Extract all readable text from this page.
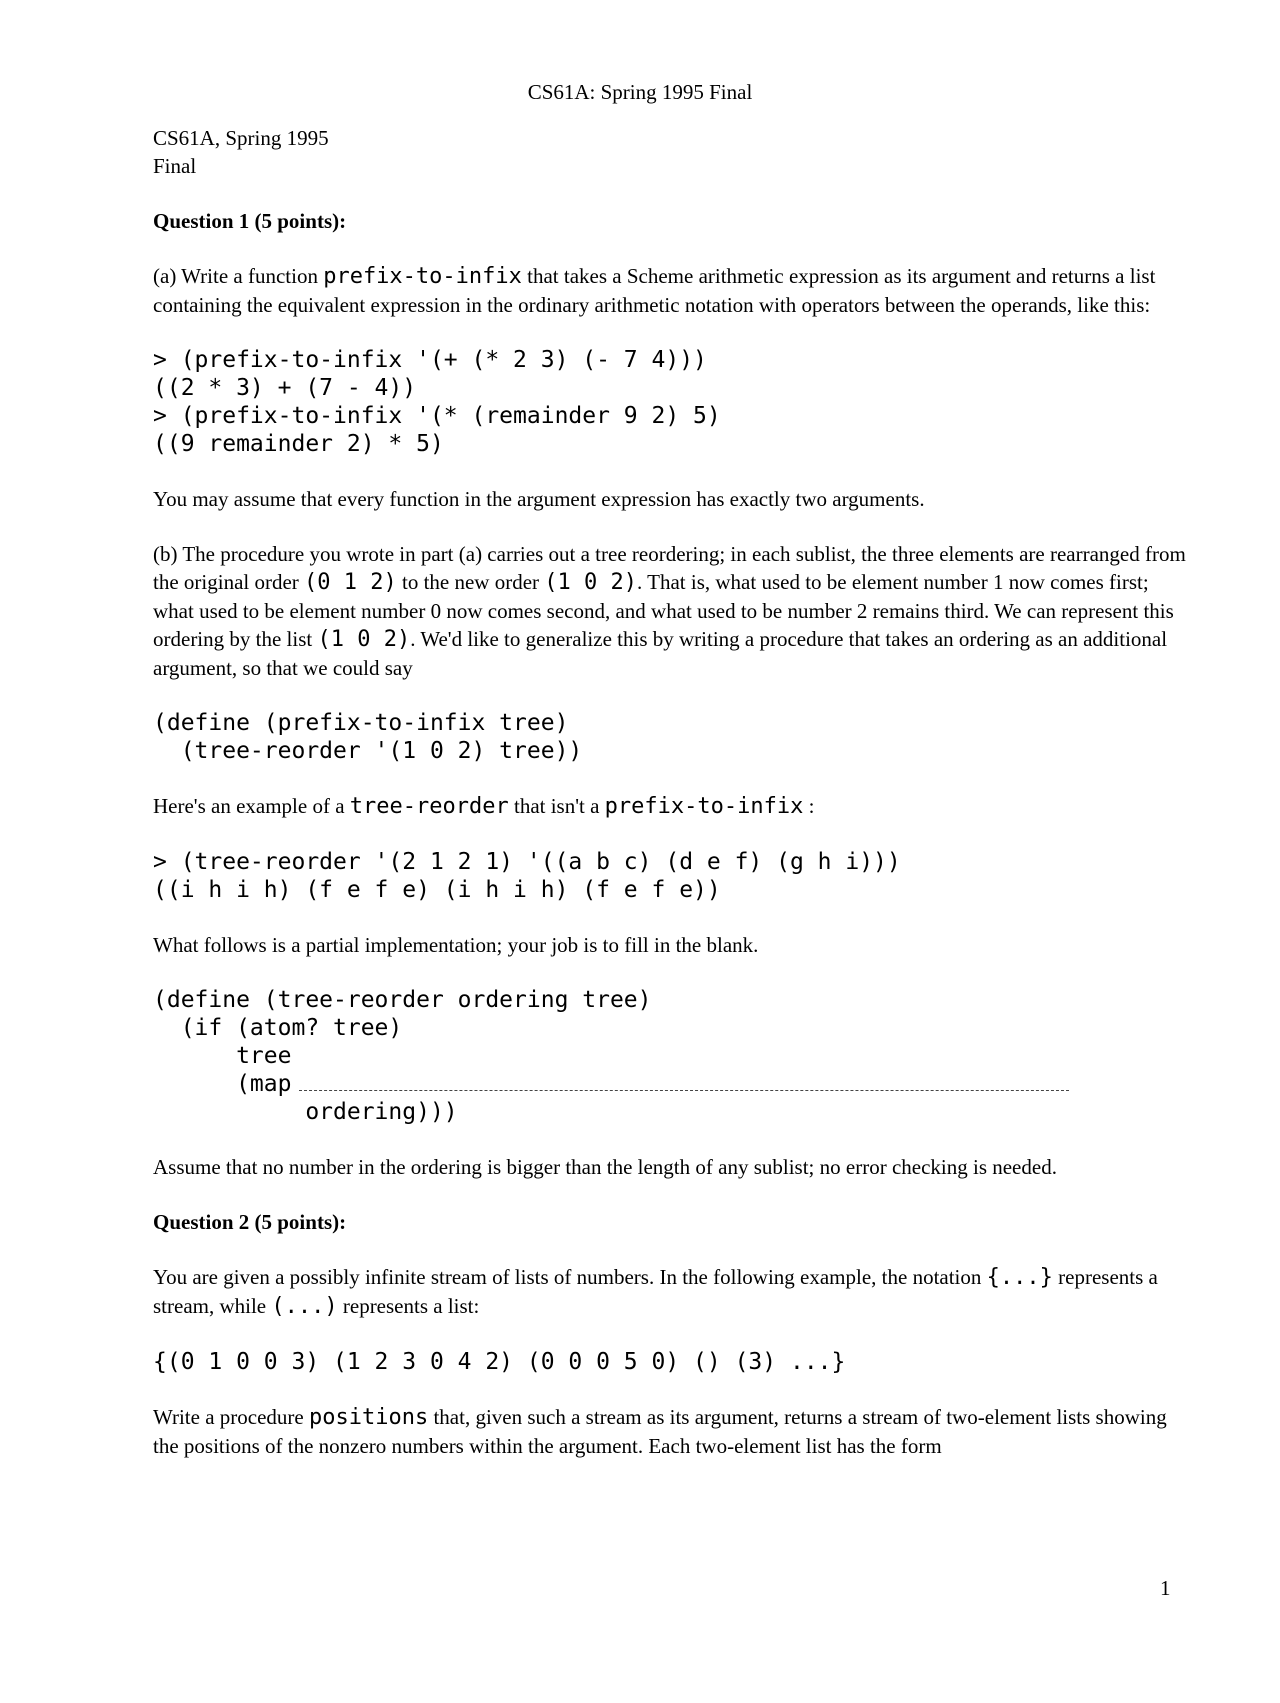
CS61A: Spring 1995 Final

CS61A, Spring 1995

Final

Question 1 (5 points):

(a) Write a function prefix-to-infix that takes a Scheme arithmetic expression as its argument and returns a list containing the equivalent expression in the ordinary arithmetic notation with operators between the operands, like this:

> (prefix-to-infix '(+ (* 2 3) (- 7 4)))
((2 * 3) + (7 - 4))
> (prefix-to-infix '(* (remainder 9 2) 5)
((9 remainder 2) * 5)

You may assume that every function in the argument expression has exactly two arguments.

(b) The procedure you wrote in part (a) carries out a tree reordering; in each sublist, the three elements are rearranged from the original order (0 1 2) to the new order (1 0 2). That is, what used to be element number 1 now comes first; what used to be element number 0 now comes second, and what used to be number 2 remains third. We can represent this ordering by the list (1 0 2). We'd like to generalize this by writing a procedure that takes an ordering as an additional argument, so that we could say

(define (prefix-to-infix tree)
(tree-reorder '(1 0 2) tree))

Here's an example of a tree-reorder that isn't a prefix-to-infix :

> (tree-reorder '(2 1 2 1) '((a b c) (d e f) (g h i)))
((i h i h) (f e f e) (i h i h) (f e f e))

What follows is a partial implementation; your job is to fill in the blank.

(define (tree-reorder ordering tree)
(if (atom? tree)
tree

(map
ordering)))

Assume that no number in the ordering is bigger than the length of any sublist; no error checking is needed.

Question 2 (5 points):

You are given a possibly infinite stream of lists of numbers. In the following example, the notation {...} represents a stream, while (...) represents a list:

{(0 1 0 0 3) (1 2 3 0 4 2) (0 0 0 5 0) () (3) ...}

Write a procedure positions that, given such a stream as its argument, returns a stream of two-element lists showing the positions of the nonzero numbers within the argument. Each two-element list has the form

1
